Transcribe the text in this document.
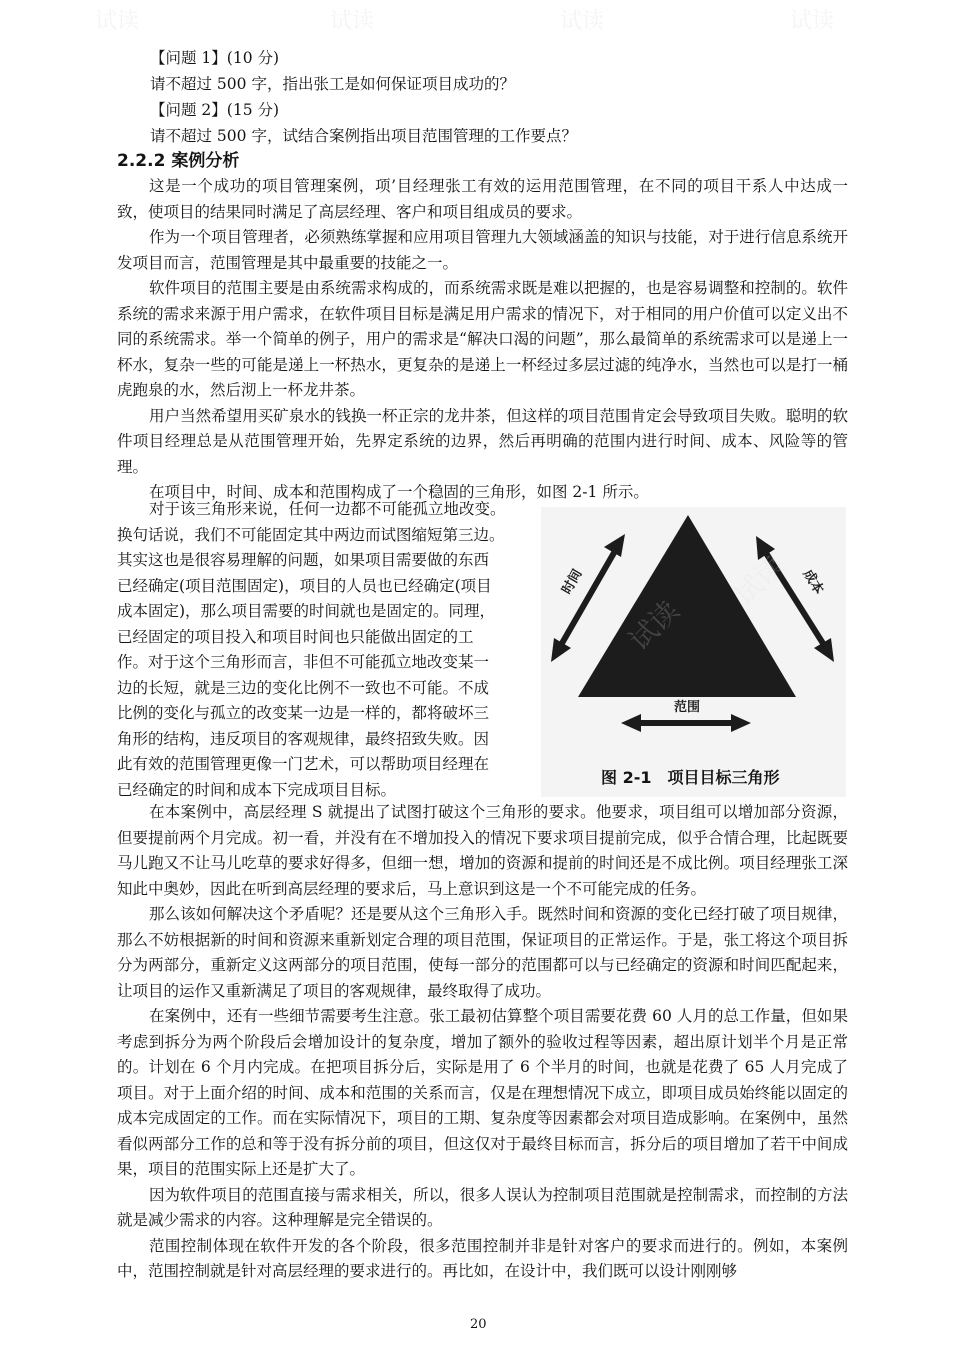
试读	试读	试读	试读
【问题 1】(10 分)
请不超过 500 字，指出张工是如何保证项目成功的？
【问题 2】(15 分)
请不超过 500 字，试结合案例指出项目范围管理的工作要点？
2.2.2 案例分析

这是一个成功的项目管理案例，项’目经理张工有效的运用范围管理，在不同的项目干系人中达成一致，使项目的结果同时满足了高层经理、客户和项目组成员的要求。

作为一个项目管理者，必须熟练掌握和应用项目管理九大领域涵盖的知识与技能，对于进行信息系统开发项目而言，范围管理是其中最重要的技能之一。

软件项目的范围主要是由系统需求构成的，而系统需求既是难以把握的，也是容易调整和控制的。软件系统的需求来源于用户需求，在软件项目目标是满足用户需求的情况下，对于相同的用户价值可以定义出不同的系统需求。举一个简单的例子，用户的需求是“解决口渴的问题”，那么最简单的系统需求可以是递上一杯水，复杂一些的可能是递上一杯热水，更复杂的是递上一杯经过多层过滤的纯净水，当然也可以是打一桶虎跑泉的水，然后沏上一杯龙井茶。

用户当然希望用买矿泉水的钱换一杯正宗的龙井茶，但这样的项目范围肯定会导致项目失败。聪明的软件项目经理总是从范围管理开始，先界定系统的边界，然后再明确的范围内进行时间、成本、风险等的管理。

在项目中，时间、成本和范围构成了一个稳固的三角形，如图 2-1 所示。

对于该三角形来说，任何一边都不可能孤立地改变。

换句话说，我们不可能固定其中两边而试图缩短第三边。

其实这也是很容易理解的问题，如果项目需要做的东西

已经确定(项目范围固定)，项目的人员也已经确定(项目

成本固定)，那么项目需要的时间就也是固定的。同理，

已经固定的项目投入和项目时间也只能做出固定的工

作。对于这个三角形而言，非但不可能孤立地改变某一

边的长短，就是三边的变化比例不一致也不可能。不成

比例的变化与孤立的改变某一边是一样的，都将破坏三

角形的结构，违反项目的客观规律，最终招致失败。因

此有效的范围管理更像一门艺术，可以帮助项目经理在

已经确定的时间和成本下完成项目目标。

时间	成本
范围
试读
试读
图 2-1　项目目标三角形

在本案例中，高层经理 S 就提出了试图打破这个三角形的要求。他要求，项目组可以增加部分资源，但要提前两个月完成。初一看，并没有在不增加投入的情况下要求项目提前完成，似乎合情合理，比起既要马儿跑又不让马儿吃草的要求好得多，但细一想，增加的资源和提前的时间还是不成比例。项目经理张工深知此中奥妙，因此在听到高层经理的要求后，马上意识到这是一个不可能完成的任务。

那么该如何解决这个矛盾呢？还是要从这个三角形入手。既然时间和资源的变化已经打破了项目规律，那么不妨根据新的时间和资源来重新划定合理的项目范围，保证项目的正常运作。于是，张工将这个项目拆分为两部分，重新定义这两部分的项目范围，使每一部分的范围都可以与已经确定的资源和时间匹配起来，让项目的运作又重新满足了项目的客观规律，最终取得了成功。

在案例中，还有一些细节需要考生注意。张工最初估算整个项目需要花费 60 人月的总工作量，但如果考虑到拆分为两个阶段后会增加设计的复杂度，增加了额外的验收过程等因素，超出原计划半个月是正常的。计划在 6 个月内完成。在把项目拆分后，实际是用了 6 个半月的时间，也就是花费了 65 人月完成了项目。对于上面介绍的时间、成本和范围的关系而言，仅是在理想情况下成立，即项目成员始终能以固定的成本完成固定的工作。而在实际情况下，项目的工期、复杂度等因素都会对项目造成影响。在案例中，虽然看似两部分工作的总和等于没有拆分前的项目，但这仅对于最终目标而言，拆分后的项目增加了若干中间成果，项目的范围实际上还是扩大了。

因为软件项目的范围直接与需求相关，所以，很多人误认为控制项目范围就是控制需求，而控制的方法就是减少需求的内容。这种理解是完全错误的。

范围控制体现在软件开发的各个阶段，很多范围控制并非是针对客户的要求而进行的。例如，本案例中，范围控制就是针对高层经理的要求进行的。再比如，在设计中，我们既可以设计刚刚够

20
